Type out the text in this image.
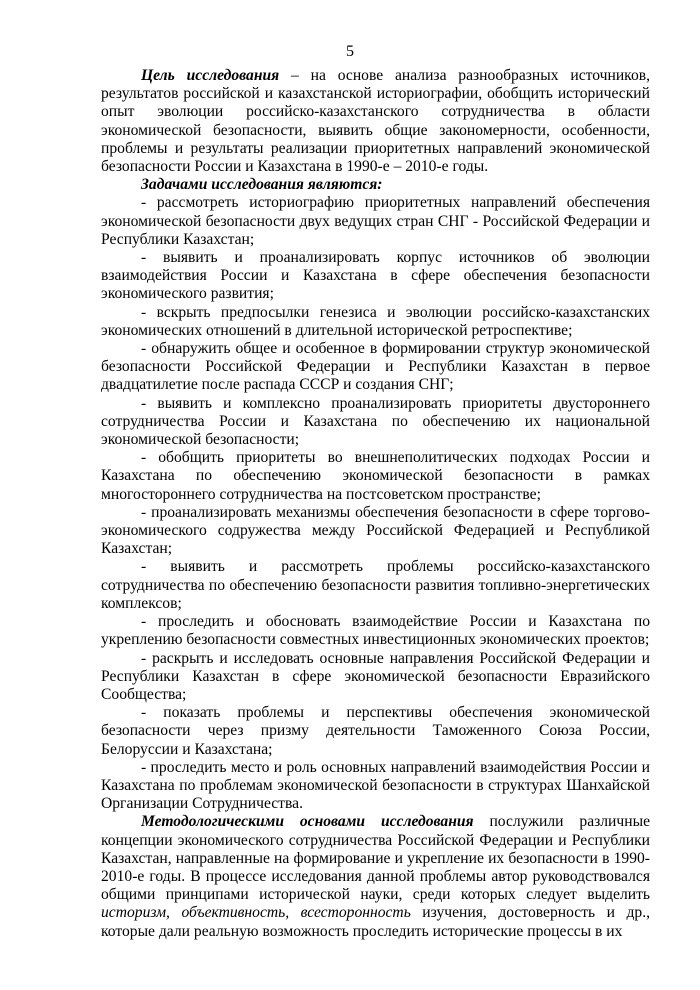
5

Цель исследования – на основе анализа разнообразных источников, результатов российской и казахстанской историографии, обобщить исторический опыт эволюции российско-казахстанского сотрудничества в области экономической безопасности, выявить общие закономерности, особенности, проблемы и результаты реализации приоритетных направлений экономической безопасности России и Казахстана в 1990-е – 2010-е годы.

Задачами исследования являются:

- рассмотреть историографию приоритетных направлений обеспечения экономической безопасности двух ведущих стран СНГ - Российской Федерации и Республики Казахстан;

- выявить и проанализировать корпус источников об эволюции взаимодействия России и Казахстана в сфере обеспечения безопасности экономического развития;

- вскрыть предпосылки генезиса и эволюции российско-казахстанских экономических отношений в длительной исторической ретроспективе;

- обнаружить общее и особенное в формировании структур экономической безопасности Российской Федерации и Республики Казахстан в первое двадцатилетие после распада СССР и создания СНГ;

- выявить и комплексно проанализировать приоритеты двустороннего сотрудничества России и Казахстана по обеспечению их национальной экономической безопасности;

- обобщить приоритеты во внешнеполитических подходах России и Казахстана по обеспечению экономической безопасности в рамках многостороннего сотрудничества на постсоветском пространстве;

- проанализировать механизмы обеспечения безопасности в сфере торгово-экономического содружества между Российской Федерацией и Республикой Казахстан;

- выявить и рассмотреть проблемы российско-казахстанского сотрудничества по обеспечению безопасности развития топливно-энергетических комплексов;

- проследить и обосновать взаимодействие России и Казахстана по укреплению безопасности совместных инвестиционных экономических проектов;

- раскрыть и исследовать основные направления Российской Федерации и Республики Казахстан в сфере экономической безопасности Евразийского Сообщества;

- показать проблемы и перспективы обеспечения экономической безопасности через призму деятельности Таможенного Союза России, Белоруссии и Казахстана;

- проследить место и роль основных направлений взаимодействия России и Казахстана по проблемам экономической безопасности в структурах Шанхайской Организации Сотрудничества.

Методологическими основами исследования послужили различные концепции экономического сотрудничества Российской Федерации и Республики Казахстан, направленные на формирование и укрепление их безопасности в 1990-2010-е годы. В процессе исследования данной проблемы автор руководствовался общими принципами исторической науки, среди которых следует выделить историзм, объективность, всесторонность изучения, достоверность и др., которые дали реальную возможность проследить исторические процессы в их
